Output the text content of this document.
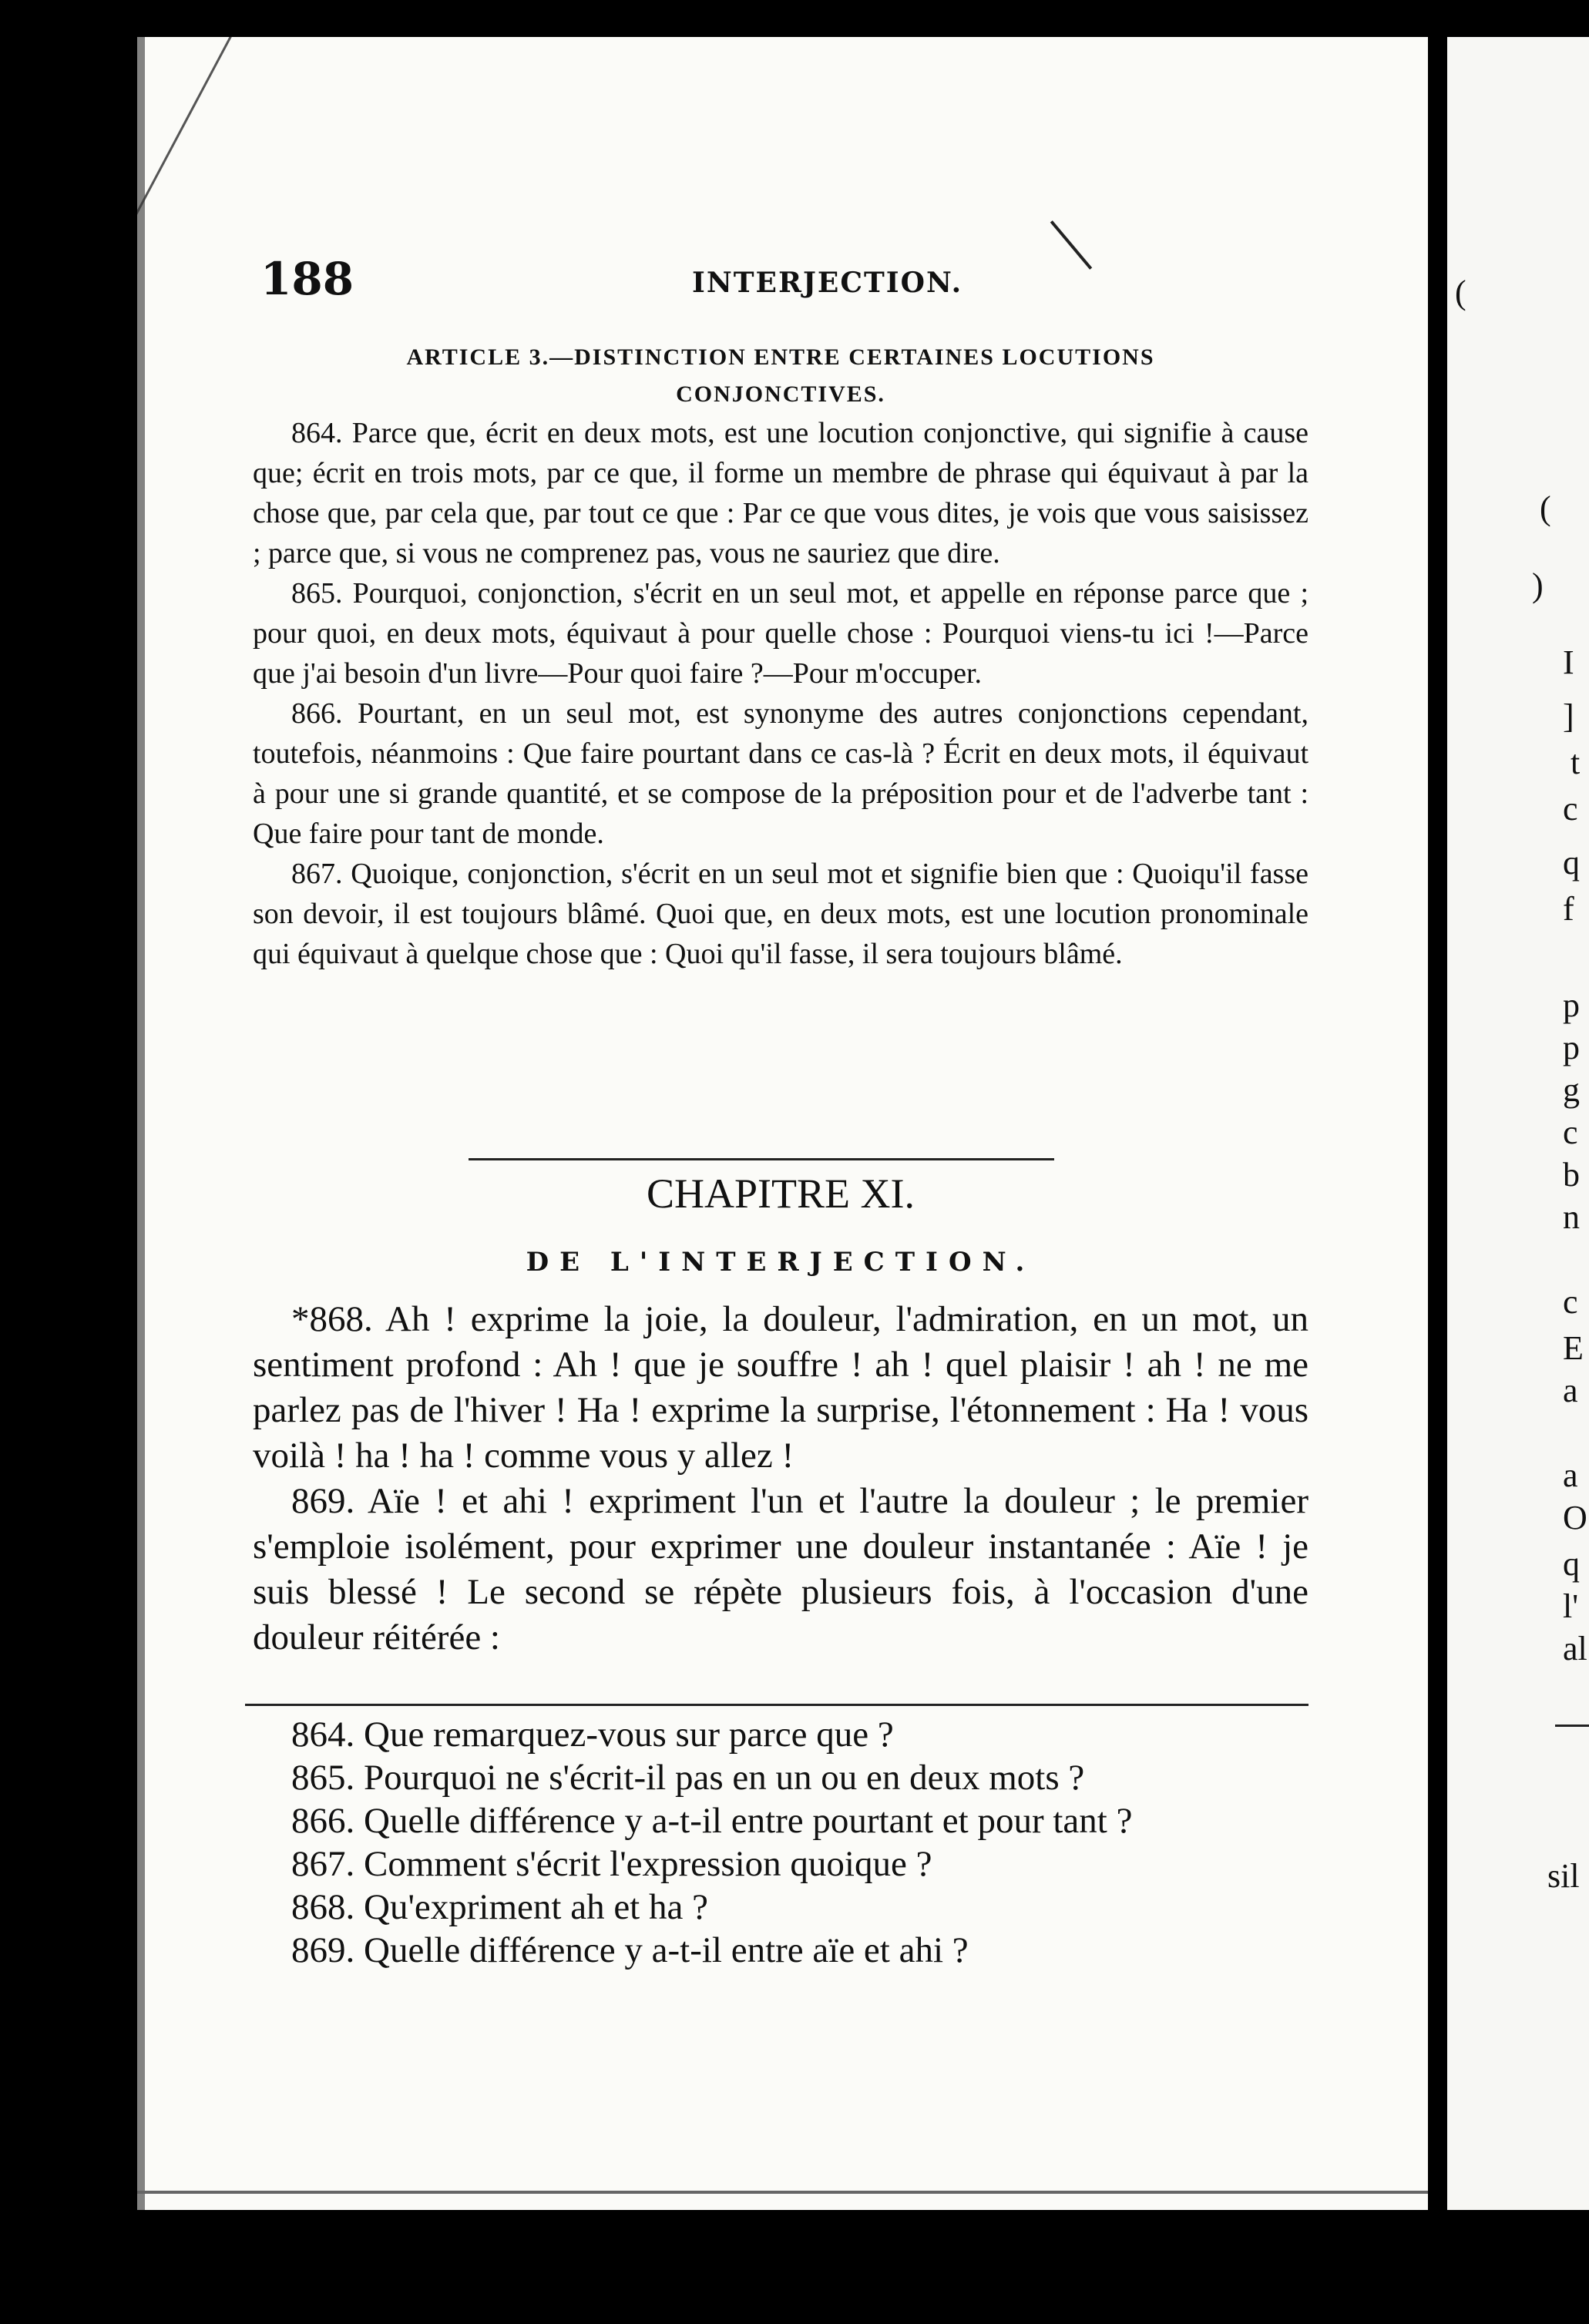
188	INTERJECTION.

ARTICLE 3.—DISTINCTION ENTRE CERTAINES LOCUTIONS
CONJONCTIVES.

864. Parce que, écrit en deux mots, est une locution conjonctive, qui signifie à cause que; écrit en trois mots, par ce que, il forme un membre de phrase qui équivaut à par la chose que, par cela que, par tout ce que : Par ce que vous dites, je vois que vous saisissez ; parce que, si vous ne comprenez pas, vous ne sauriez que dire.

865. Pourquoi, conjonction, s'écrit en un seul mot, et appelle en réponse parce que ; pour quoi, en deux mots, équivaut à pour quelle chose : Pourquoi viens-tu ici !—Parce que j'ai besoin d'un livre—Pour quoi faire ?—Pour m'occuper.

866. Pourtant, en un seul mot, est synonyme des autres conjonctions cependant, toutefois, néanmoins : Que faire pourtant dans ce cas-là ? Écrit en deux mots, il équivaut à pour une si grande quantité, et se compose de la préposition pour et de l'adverbe tant : Que faire pour tant de monde.

867. Quoique, conjonction, s'écrit en un seul mot et signifie bien que : Quoiqu'il fasse son devoir, il est toujours blâmé. Quoi que, en deux mots, est une locution pronominale qui équivaut à quelque chose que : Quoi qu'il fasse, il sera toujours blâmé.

CHAPITRE XI.
DE L'INTERJECTION.

*868. Ah ! exprime la joie, la douleur, l'admiration, en un mot, un sentiment profond : Ah ! que je souffre ! ah ! quel plaisir ! ah ! ne me parlez pas de l'hiver ! Ha ! exprime la surprise, l'étonnement : Ha ! vous voilà ! ha ! ha ! comme vous y allez !

869. Aïe ! et ahi ! expriment l'un et l'autre la douleur ; le premier s'emploie isolément, pour exprimer une douleur instantanée : Aïe ! je suis blessé ! Le second se répète plusieurs fois, à l'occasion d'une douleur réitérée :

864. Que remarquez-vous sur parce que ?

865. Pourquoi ne s'écrit-il pas en un ou en deux mots ?

866. Quelle différence y a-t-il entre pourtant et pour tant ?

867. Comment s'écrit l'expression quoique ?

868. Qu'expriment ah et ha ?

869. Quelle différence y a-t-il entre aïe et ahi ?

(
(
)
I
]
t
c
q
f
p
p
g
c
b
n
c
E
a
a
O
q
l'
al
sil
